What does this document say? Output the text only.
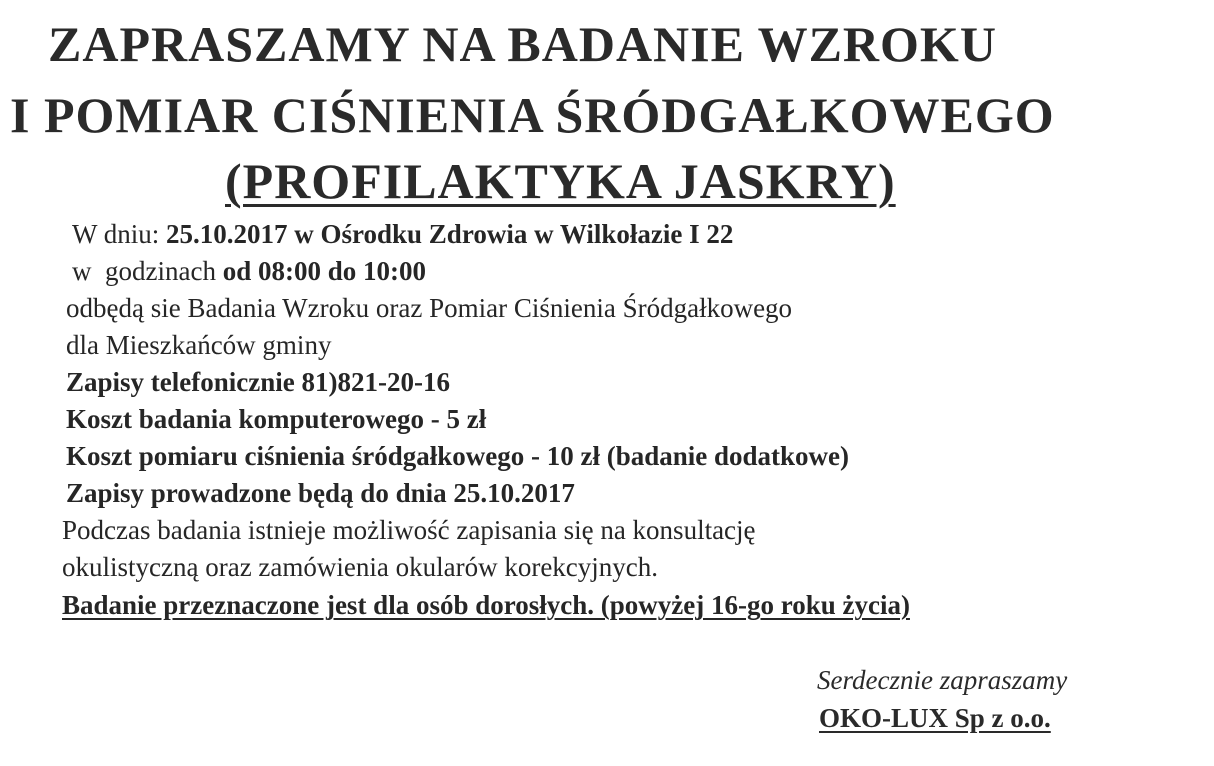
ZAPRASZAMY NA BADANIE WZROKU
I POMIAR CIŚNIENIA ŚRÓDGAŁKOWEGO
(PROFILAKTYKA JASKRY)
W dniu: 25.10.2017 w Ośrodku Zdrowia w Wilkołazie I 22
w  godzinach od 08:00 do 10:00
odbędą sie Badania Wzroku oraz Pomiar Ciśnienia Śródgałkowego
dla Mieszkańców gminy
Zapisy telefonicznie 81)821-20-16
Koszt badania komputerowego - 5 zł
Koszt pomiaru ciśnienia śródgałkowego - 10 zł (badanie dodatkowe)
Zapisy prowadzone będą do dnia 25.10.2017
Podczas badania istnieje możliwość zapisania się na konsultację
okulistyczną oraz zamówienia okularów korekcyjnych.
Badanie przeznaczone jest dla osób dorosłych. (powyżej 16-go roku życia)
Serdecznie zapraszamy
OKO-LUX Sp z o.o.
